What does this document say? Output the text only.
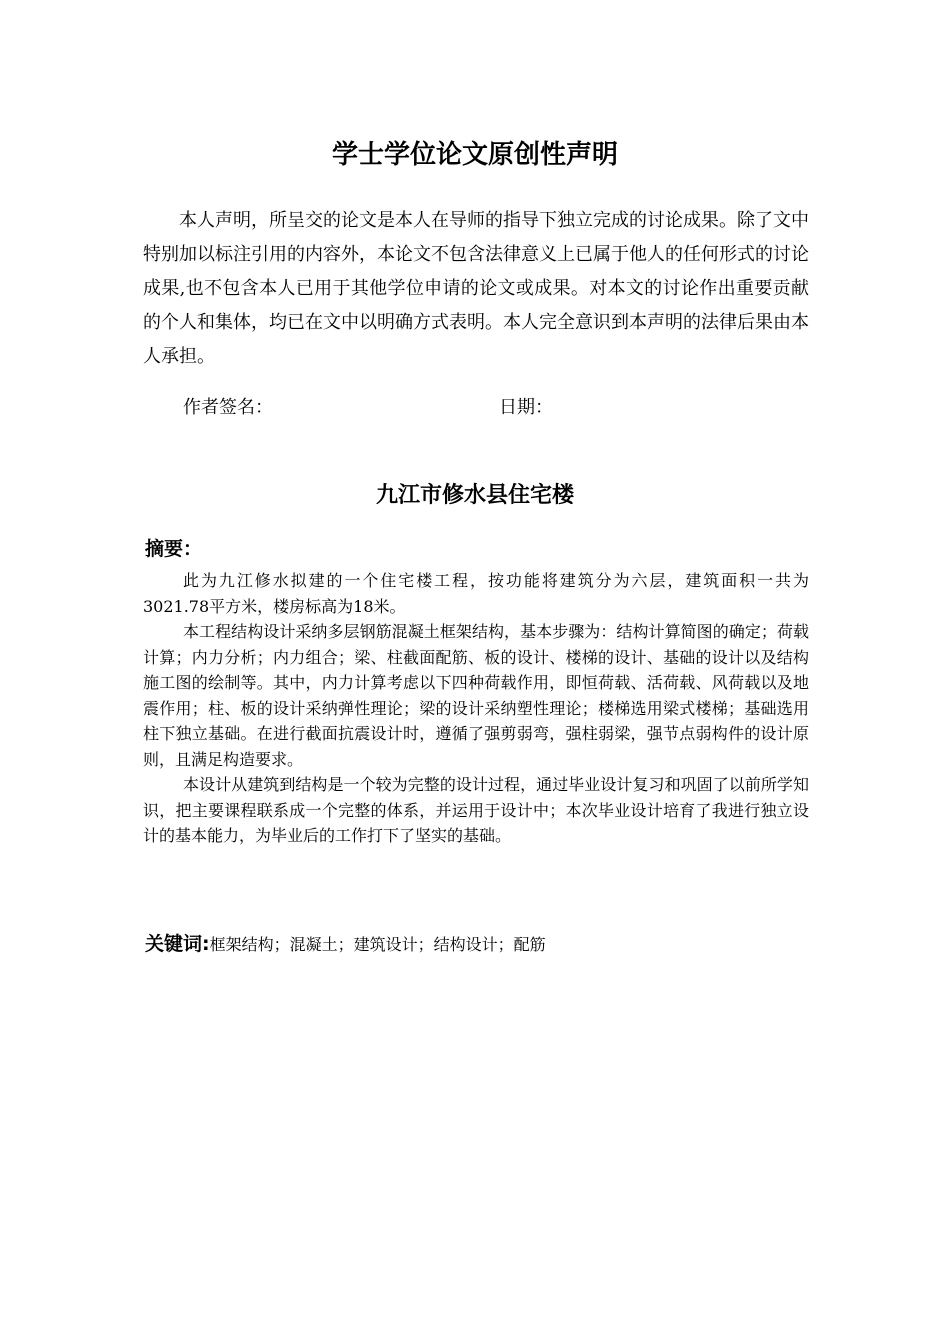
学士学位论文原创性声明

本人声明，所呈交的论文是本人在导师的指导下独立完成的讨论成果。除了文中特别加以标注引用的内容外，本论文不包含法律意义上已属于他人的任何形式的讨论成果,也不包含本人已用于其他学位申请的论文或成果。对本文的讨论作出重要贡献的个人和集体，均已在文中以明确方式表明。本人完全意识到本声明的法律后果由本人承担。

作者签名：	日期：
九江市修水县住宅楼
摘要：

此为九江修水拟建的一个住宅楼工程，按功能将建筑分为六层，建筑面积一共为3021.78平方米，楼房标高为18米。

本工程结构设计采纳多层钢筋混凝土框架结构，基本步骤为：结构计算简图的确定；荷载计算；内力分析；内力组合；梁、柱截面配筋、板的设计、楼梯的设计、基础的设计以及结构施工图的绘制等。其中，内力计算考虑以下四种荷载作用，即恒荷载、活荷载、风荷载以及地震作用；柱、板的设计采纳弹性理论；梁的设计采纳塑性理论；楼梯选用梁式楼梯；基础选用柱下独立基础。在进行截面抗震设计时，遵循了强剪弱弯，强柱弱梁，强节点弱构件的设计原则，且满足构造要求。

本设计从建筑到结构是一个较为完整的设计过程，通过毕业设计复习和巩固了以前所学知识，把主要课程联系成一个完整的体系，并运用于设计中；本次毕业设计培育了我进行独立设计的基本能力，为毕业后的工作打下了坚实的基础。

关键词:框架结构；混凝土；建筑设计；结构设计；配筋
